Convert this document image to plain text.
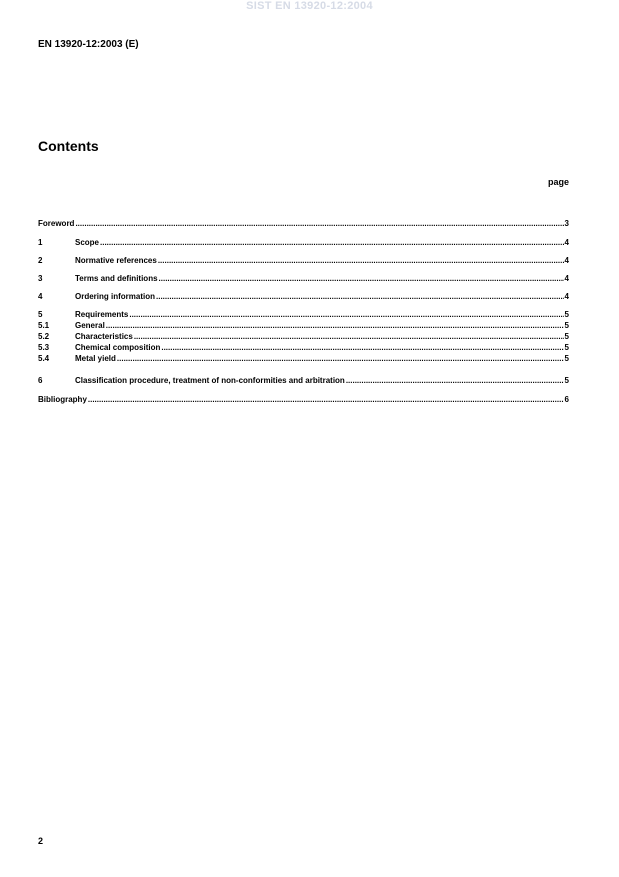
SIST EN 13920-12:2004
EN 13920-12:2003 (E)
Contents
page
Foreword .....	3
1	Scope .....	4
2	Normative references .....	4
3	Terms and definitions .....	4
4	Ordering information .....	4
5	Requirements .....	5
5.1	General .....	5
5.2	Characteristics .....	5
5.3	Chemical composition .....	5
5.4	Metal yield .....	5
6	Classification procedure, treatment of non-conformities and arbitration .....	5
Bibliography .....	6
2
